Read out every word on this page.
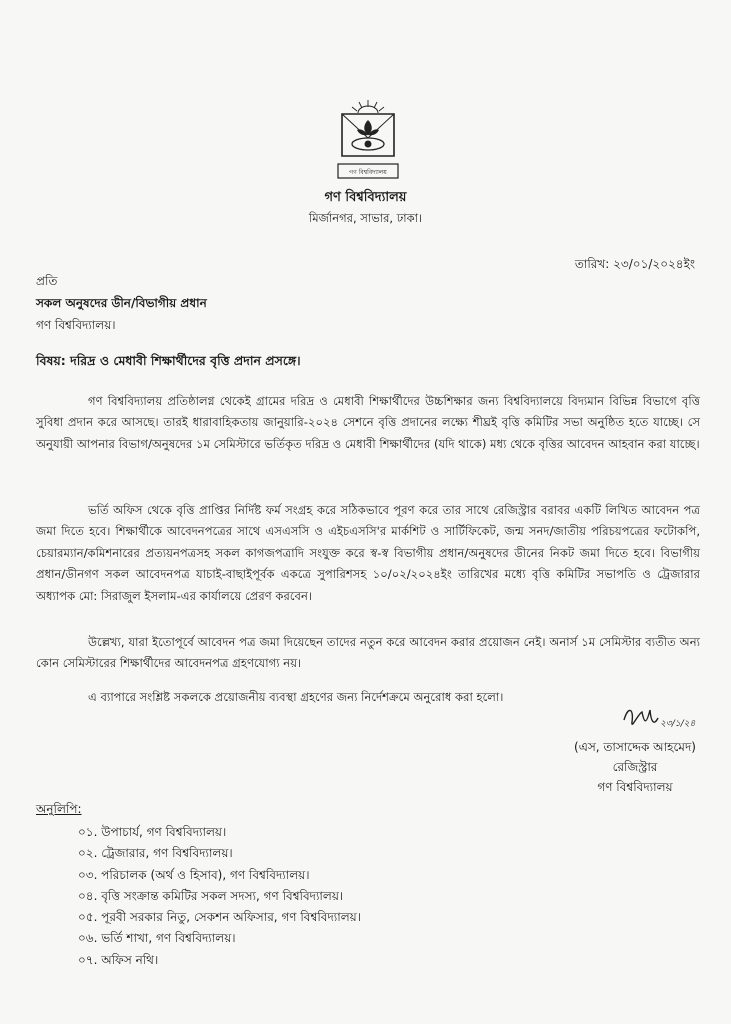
গণ বিশ্ববিদ্যালয়
গণ বিশ্ববিদ্যালয়
মির্জানগর, সাভার, ঢাকা।
তারিখ: ২৩/০১/২০২৪ইং
প্রতি
সকল অনুষদের ডীন/বিভাগীয় প্রধান
গণ বিশ্ববিদ্যালয়।
বিষয়: দরিদ্র ও মেধাবী শিক্ষার্থীদের বৃত্তি প্রদান প্রসঙ্গে।

গণ বিশ্ববিদ্যালয় প্রতিষ্ঠালগ্ন থেকেই গ্রামের দরিদ্র ও মেধাবী শিক্ষার্থীদের উচ্চশিক্ষার জন্য বিশ্ববিদ্যালয়ে বিদ্যমান বিভিন্ন বিভাগে বৃত্তি সুবিধা প্রদান করে আসছে। তারই ধারাবাহিকতায় জানুয়ারি-২০২৪ সেশনে বৃত্তি প্রদানের লক্ষ্যে শীঘ্রই বৃত্তি কমিটির সভা অনুষ্ঠিত হতে যাচ্ছে। সে অনুযায়ী আপনার বিভাগ/অনুষদের ১ম সেমিস্টারে ভর্তিকৃত দরিদ্র ও মেধাবী শিক্ষার্থীদের (যদি থাকে) মধ্য থেকে বৃত্তির আবেদন আহবান করা যাচ্ছে।

ভর্তি অফিস থেকে বৃত্তি প্রাপ্তির নির্দিষ্ট ফর্ম সংগ্রহ করে সঠিকভাবে পূরণ করে তার সাথে রেজিস্ট্রার বরাবর একটি লিখিত আবেদন পত্র জমা দিতে হবে। শিক্ষার্থীকে আবেদনপত্রের সাথে এসএসসি ও এইচএসসি'র মার্কশিট ও সার্টিফিকেট, জন্ম সনদ/জাতীয় পরিচয়পত্রের ফটোকপি, চেয়ারম্যান/কমিশনারের প্রত্যয়নপত্রসহ সকল কাগজপত্রাদি সংযুক্ত করে স্ব-স্ব বিভাগীয় প্রধান/অনুষদের ডীনের নিকট জমা দিতে হবে। বিভাগীয় প্রধান/ডীনগণ সকল আবেদনপত্র যাচাই-বাছাইপূর্বক একত্রে সুপারিশসহ ১০/০২/২০২৪ইং তারিখের মধ্যে বৃত্তি কমিটির সভাপতি ও ট্রেজারার অধ্যাপক মো: সিরাজুল ইসলাম-এর কার্যালয়ে প্রেরণ করবেন।

উল্লেখ্য, যারা ইতোপূর্বে আবেদন পত্র জমা দিয়েছেন তাদের নতুন করে আবেদন করার প্রয়োজন নেই। অনার্স ১ম সেমিস্টার ব্যতীত অন্য কোন সেমিস্টারের শিক্ষার্থীদের আবেদনপত্র গ্রহণযোগ্য নয়।

এ ব্যাপারে সংশ্লিষ্ট সকলকে প্রয়োজনীয় ব্যবস্থা গ্রহণের জন্য নির্দেশক্রমে অনুরোধ করা হলো।

২৩/১/২৪
(এস, তাসাদ্দেক আহমেদ)
রেজিস্ট্রার
গণ বিশ্ববিদ্যালয়
অনুলিপি:
০১. উপাচার্য, গণ বিশ্ববিদ্যালয়।
০২. ট্রেজারার, গণ বিশ্ববিদ্যালয়।
০৩. পরিচালক (অর্থ ও হিসাব), গণ বিশ্ববিদ্যালয়।
০৪. বৃত্তি সংক্রান্ত কমিটির সকল সদস্য, গণ বিশ্ববিদ্যালয়।
০৫. পূরবী সরকার নিতু, সেকশন অফিসার, গণ বিশ্ববিদ্যালয়।
০৬. ভর্তি শাখা, গণ বিশ্ববিদ্যালয়।
০৭. অফিস নথি।
